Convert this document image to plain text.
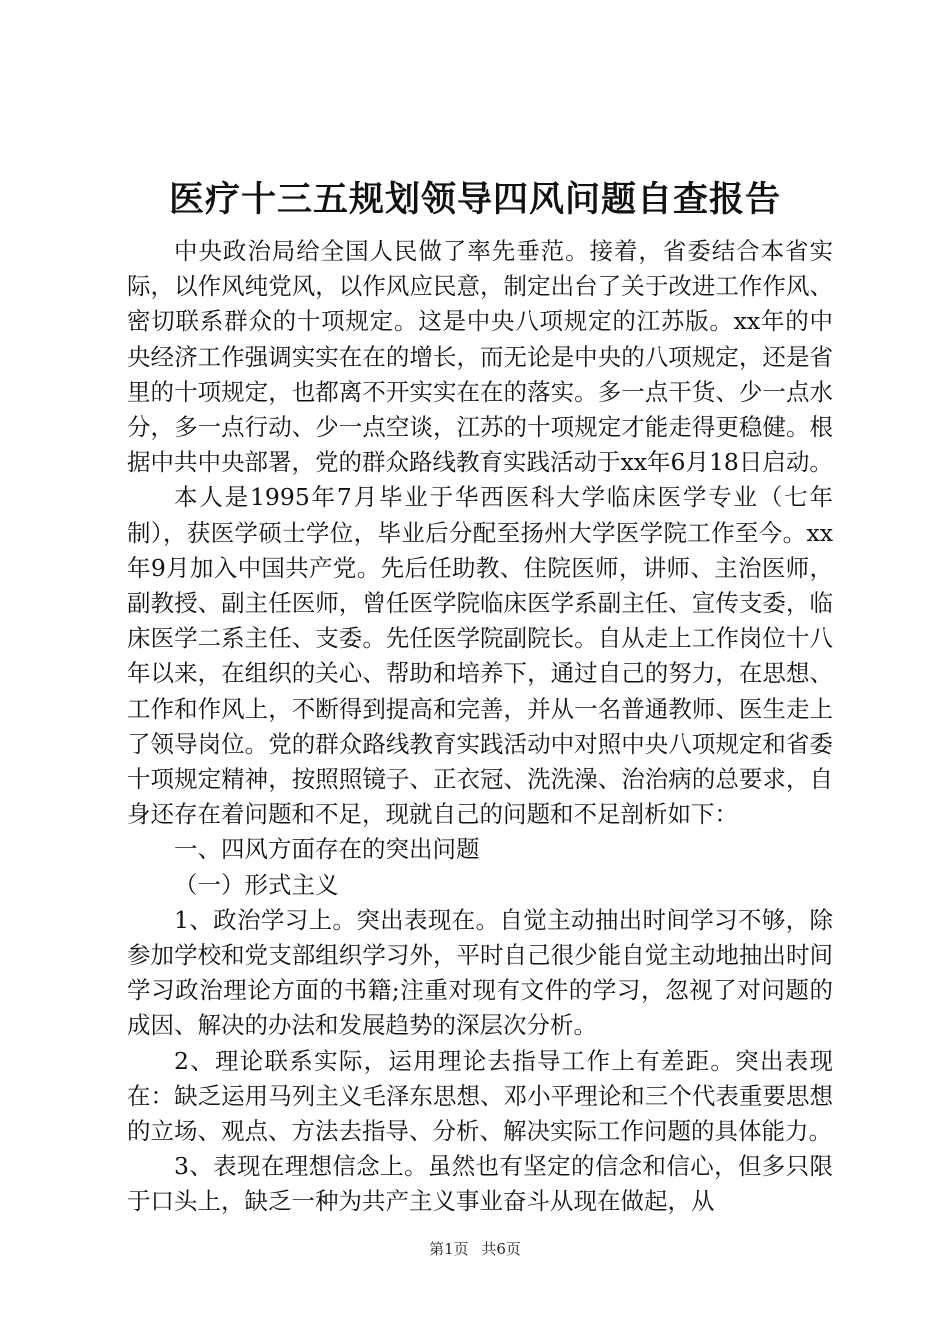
医疗十三五规划领导四风问题自查报告

中央政治局给全国人民做了率先垂范。接着，省委结合本省实际，以作风纯党风，以作风应民意，制定出台了关于改进工作作风、密切联系群众的十项规定。这是中央八项规定的江苏版。xx年的中央经济工作强调实实在在的增长，而无论是中央的八项规定，还是省里的十项规定，也都离不开实实在在的落实。多一点干货、少一点水分，多一点行动、少一点空谈，江苏的十项规定才能走得更稳健。根据中共中央部署，党的群众路线教育实践活动于xx年6月18日启动。

本人是1995年7月毕业于华西医科大学临床医学专业（七年制），获医学硕士学位，毕业后分配至扬州大学医学院工作至今。xx年9月加入中国共产党。先后任助教、住院医师，讲师、主治医师，副教授、副主任医师，曾任医学院临床医学系副主任、宣传支委，临床医学二系主任、支委。先任医学院副院长。自从走上工作岗位十八年以来，在组织的关心、帮助和培养下，通过自己的努力，在思想、工作和作风上，不断得到提高和完善，并从一名普通教师、医生走上了领导岗位。党的群众路线教育实践活动中对照中央八项规定和省委十项规定精神，按照照镜子、正衣冠、洗洗澡、治治病的总要求，自身还存在着问题和不足，现就自己的问题和不足剖析如下：

一、四风方面存在的突出问题

（一）形式主义

1、政治学习上。突出表现在。自觉主动抽出时间学习不够，除参加学校和党支部组织学习外，平时自己很少能自觉主动地抽出时间学习政治理论方面的书籍;注重对现有文件的学习，忽视了对问题的成因、解决的办法和发展趋势的深层次分析。

2、理论联系实际，运用理论去指导工作上有差距。突出表现在：缺乏运用马列主义毛泽东思想、邓小平理论和三个代表重要思想的立场、观点、方法去指导、分析、解决实际工作问题的具体能力。

3、表现在理想信念上。虽然也有坚定的信念和信心，但多只限于口头上，缺乏一种为共产主义事业奋斗从现在做起，从

第1页 共6页
